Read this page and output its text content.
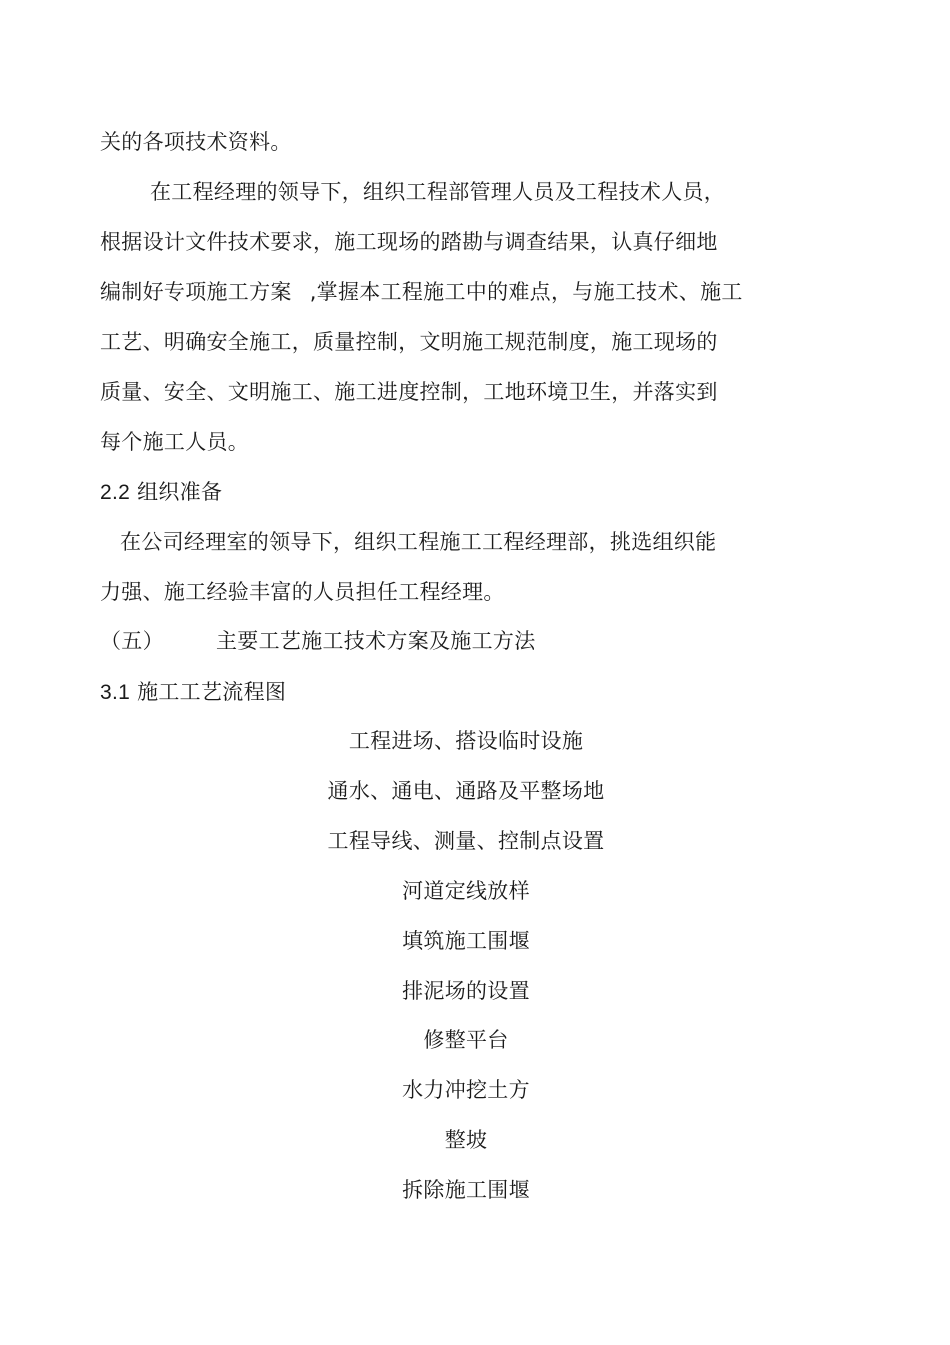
关的各项技术资料。
在工程经理的领导下，组织工程部管理人员及工程技术人员，
根据设计文件技术要求，施工现场的踏勘与调查结果，认真仔细地
编制好专项施工方案 ,掌握本工程施工中的难点，与施工技术、施工
工艺、明确安全施工，质量控制，文明施工规范制度，施工现场的
质量、安全、文明施工、施工进度控制，工地环境卫生，并落实到
每个施工人员。
2.2 组织准备
在公司经理室的领导下，组织工程施工工程经理部，挑选组织能
力强、施工经验丰富的人员担任工程经理。
（五） 主要工艺施工技术方案及施工方法
3.1 施工工艺流程图
工程进场、搭设临时设施
通水、通电、通路及平整场地
工程导线、测量、控制点设置
河道定线放样
填筑施工围堰
排泥场的设置
修整平台
水力冲挖土方
整坡
拆除施工围堰
